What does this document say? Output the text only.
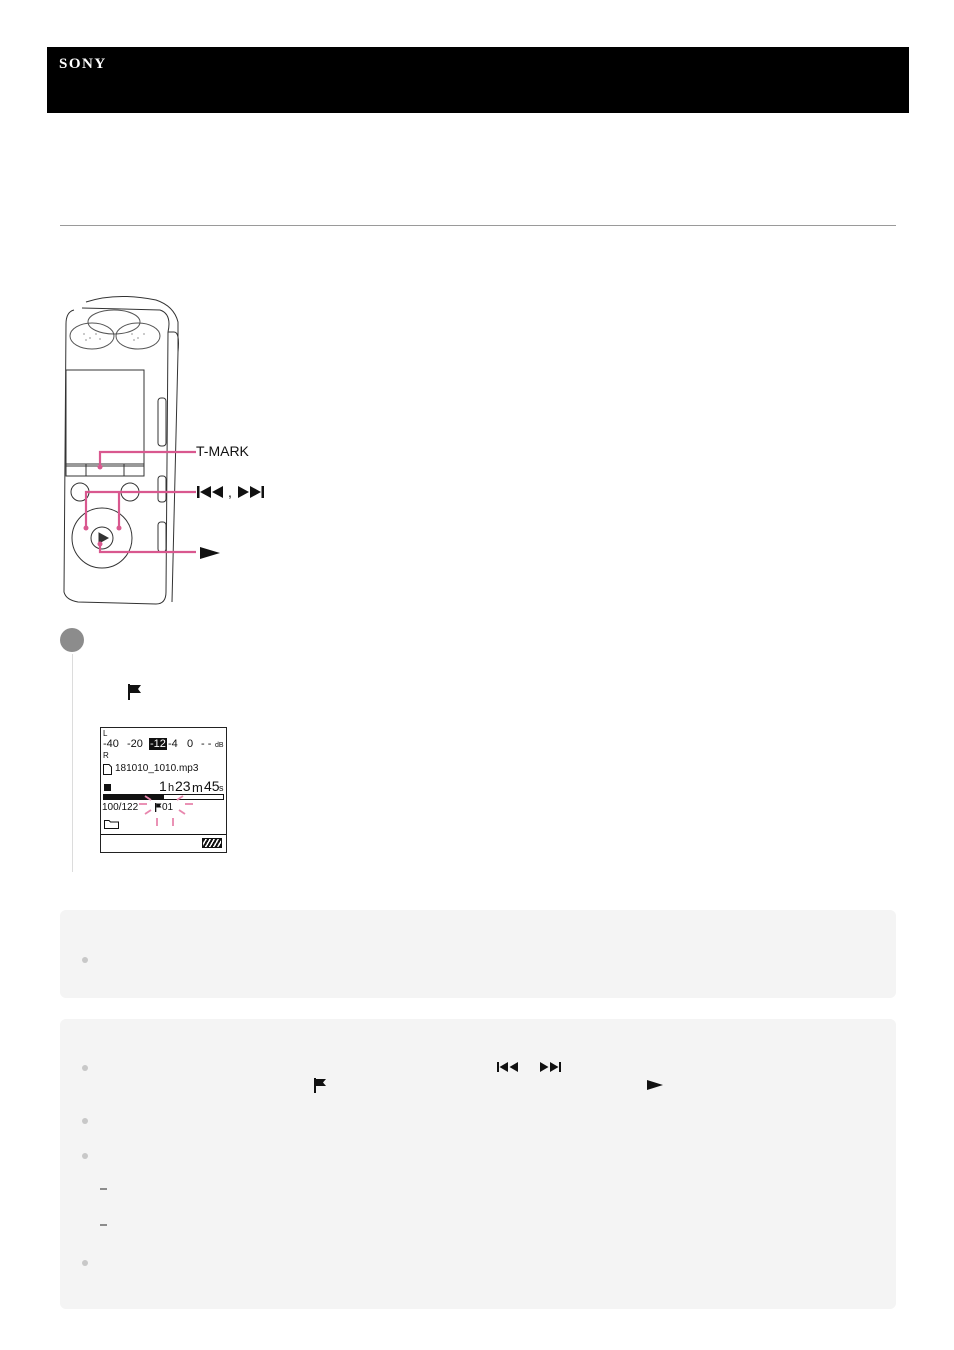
SONY
T-MARK
,
L
R
-40 -20 -12 -4 0 - - dB
181010_1010.mp3
1 h 23 m 45 s
100/122 01
